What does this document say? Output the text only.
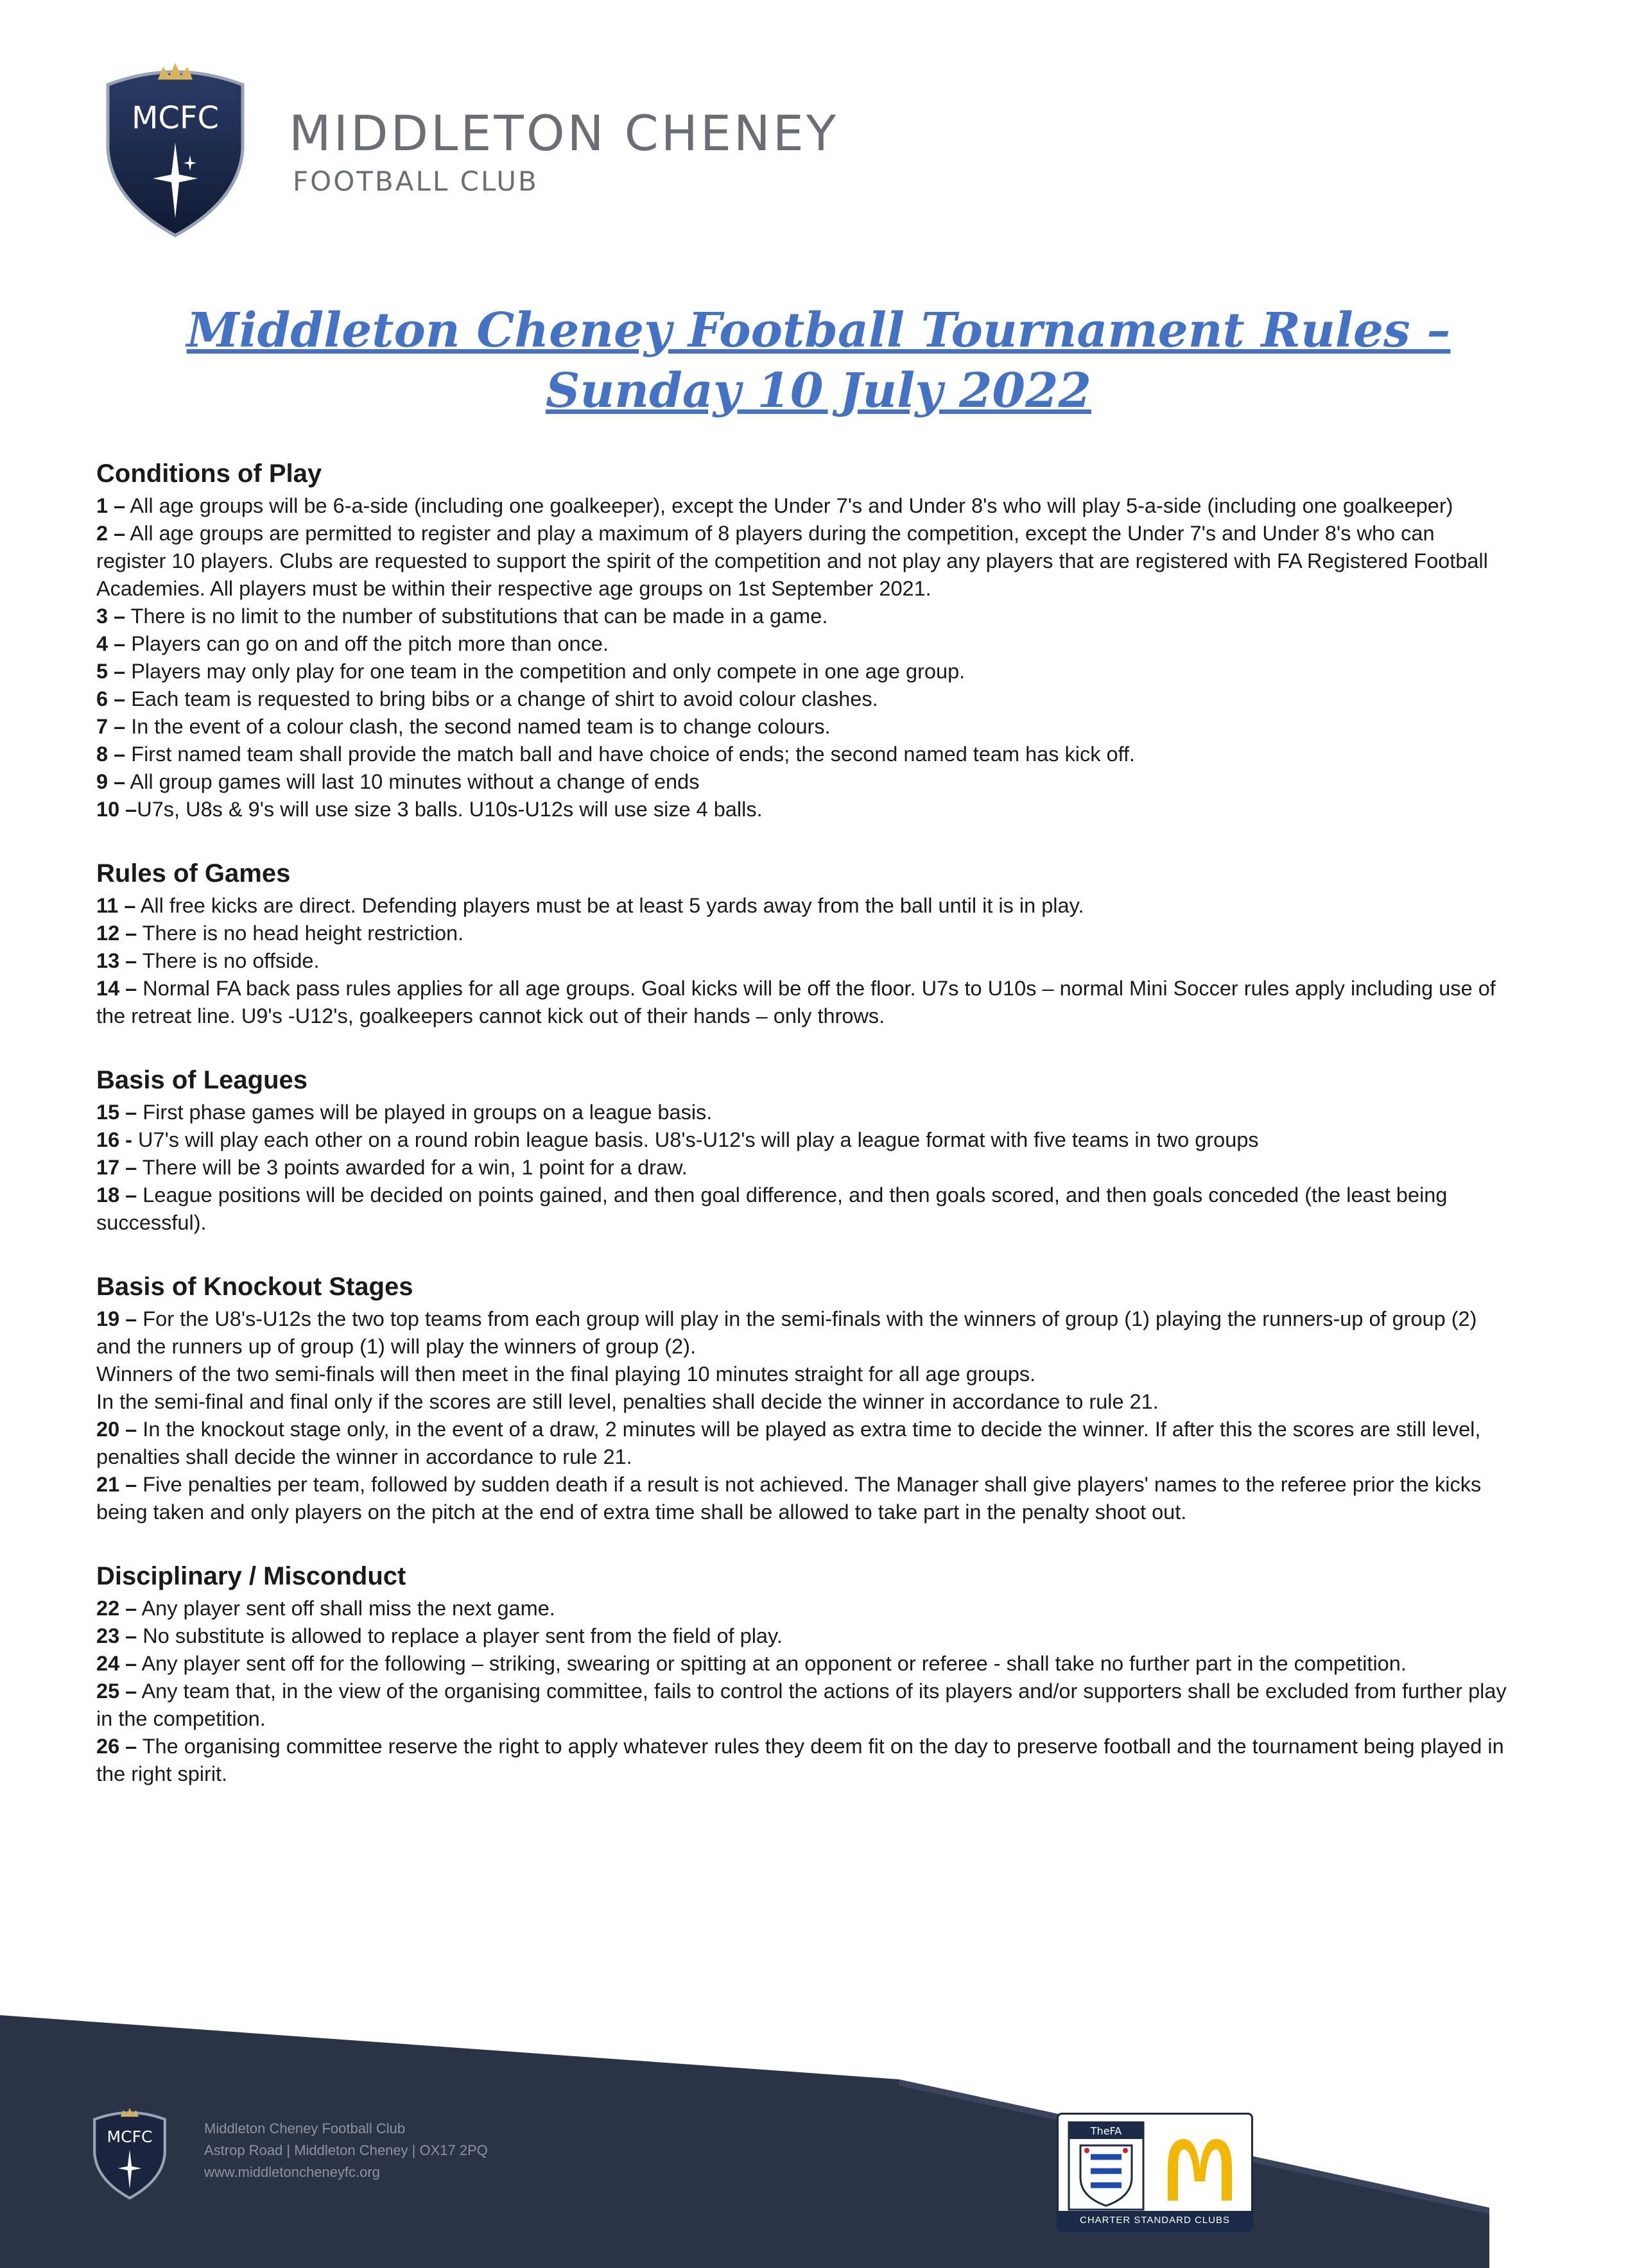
MCFC MIDDLETON CHENEY
FOOTBALL CLUB
Middleton Cheney Football Tournament Rules – Sunday 10 July 2022
Conditions of Play

1 – All age groups will be 6-a-side (including one goalkeeper), except the Under 7's and Under 8's who will play 5-a-side (including one goalkeeper)

2 – All age groups are permitted to register and play a maximum of 8 players during the competition, except the Under 7's and Under 8's who can register 10 players. Clubs are requested to support the spirit of the competition and not play any players that are registered with FA Registered Football Academies. All players must be within their respective age groups on 1st September 2021.

3 – There is no limit to the number of substitutions that can be made in a game.

4 – Players can go on and off the pitch more than once.

5 – Players may only play for one team in the competition and only compete in one age group.

6 – Each team is requested to bring bibs or a change of shirt to avoid colour clashes.

7 – In the event of a colour clash, the second named team is to change colours.

8 – First named team shall provide the match ball and have choice of ends; the second named team has kick off.

9 – All group games will last 10 minutes without a change of ends

10 –U7s, U8s & 9's will use size 3 balls. U10s-U12s will use size 4 balls.

Rules of Games

11 – All free kicks are direct. Defending players must be at least 5 yards away from the ball until it is in play.

12 – There is no head height restriction.

13 – There is no offside.

14 – Normal FA back pass rules applies for all age groups. Goal kicks will be off the floor. U7s to U10s – normal Mini Soccer rules apply including use of the retreat line. U9's -U12's, goalkeepers cannot kick out of their hands – only throws.

Basis of Leagues

15 – First phase games will be played in groups on a league basis.

16 - U7's will play each other on a round robin league basis. U8's-U12's will play a league format with five teams in two groups

17 – There will be 3 points awarded for a win, 1 point for a draw.

18 – League positions will be decided on points gained, and then goal difference, and then goals scored, and then goals conceded (the least being successful).

Basis of Knockout Stages

19 – For the U8's-U12s the two top teams from each group will play in the semi-finals with the winners of group (1) playing the runners-up of group (2) and the runners up of group (1) will play the winners of group (2).

Winners of the two semi-finals will then meet in the final playing 10 minutes straight for all age groups.

In the semi-final and final only if the scores are still level, penalties shall decide the winner in accordance to rule 21.

20 – In the knockout stage only, in the event of a draw, 2 minutes will be played as extra time to decide the winner. If after this the scores are still level, penalties shall decide the winner in accordance to rule 21.

21 – Five penalties per team, followed by sudden death if a result is not achieved. The Manager shall give players' names to the referee prior the kicks being taken and only players on the pitch at the end of extra time shall be allowed to take part in the penalty shoot out.

Disciplinary / Misconduct

22 – Any player sent off shall miss the next game.

23 – No substitute is allowed to replace a player sent from the field of play.

24 – Any player sent off for the following – striking, swearing or spitting at an opponent or referee - shall take no further part in the competition.

25 – Any team that, in the view of the organising committee, fails to control the actions of its players and/or supporters shall be excluded from further play in the competition.

26 – The organising committee reserve the right to apply whatever rules they deem fit on the day to preserve football and the tournament being played in the right spirit.

MCFC	Middleton Cheney Football Club
Astrop Road | Middleton Cheney | OX17 2PQ
www.middletoncheneyfc.org
TheFA
CHARTER STANDARD CLUBS
